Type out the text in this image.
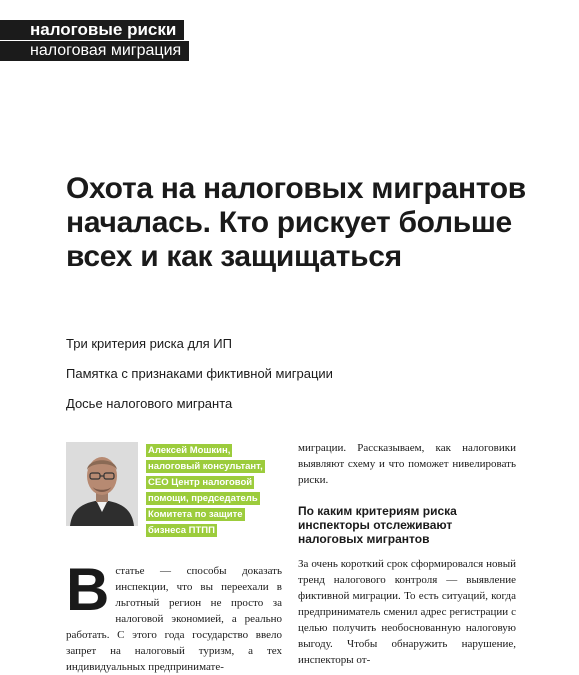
налоговые риски
налоговая миграция
Охота на налоговых мигрантов началась. Кто рискует больше всех и как защищаться
Три критерия риска для ИП
Памятка с признаками фиктивной миграции
Досье налогового мигранта
Алексей Мошкин,
налоговый консультант,
СЕО Центр налоговой
помощи, председатель
Комитета по защите
бизнеса ПТПП

миграции. Рассказываем, как налоговики выявляют схему и что поможет нивелировать риски.

По каким критериям риска инспекторы отслеживают налоговых мигрантов

За очень короткий срок сформировался новый тренд налогового контроля — выявление фиктивной миграции. То есть ситуаций, когда предприниматель сменил адрес регистрации с целью получить необоснованную налоговую выгоду. Чтобы обнаружить нарушение, инспекторы от-

В статье — способы доказать инспекции, что вы переехали в льготный регион не просто за налоговой экономией, а реально работать. С этого года государство ввело запрет на налоговый туризм, а тех индивидуальных предпринимате-
